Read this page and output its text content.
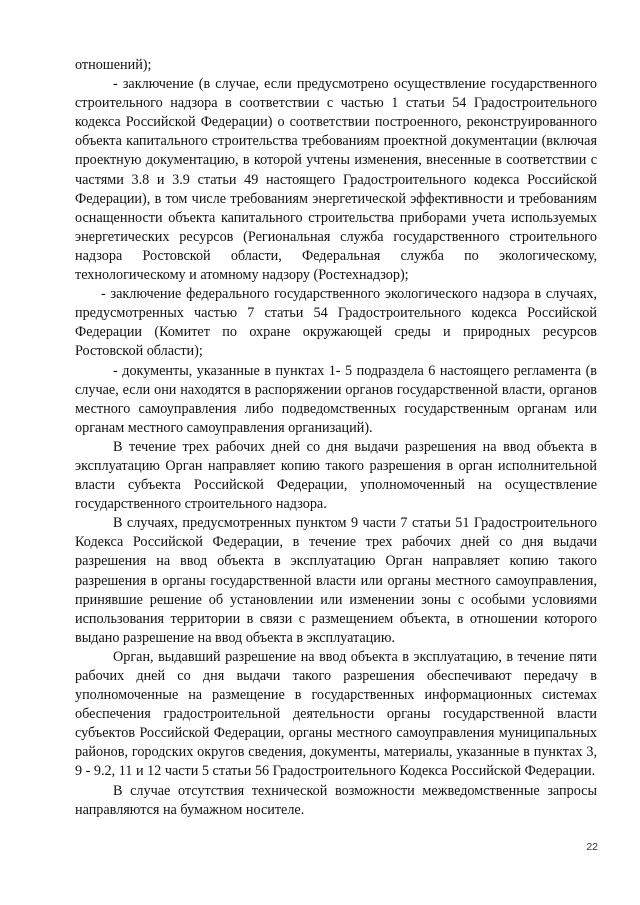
отношений);

- заключение (в случае, если предусмотрено осуществление государственного строительного надзора в соответствии с частью 1 статьи 54 Градостроительного кодекса Российской Федерации) о соответствии построенного, реконструированного объекта капитального строительства требованиям проектной документации (включая проектную документацию, в которой учтены изменения, внесенные в соответствии с частями 3.8 и 3.9 статьи 49 настоящего Градостроительного кодекса Российской Федерации), в том числе требованиям энергетической эффективности и требованиям оснащенности объекта капитального строительства приборами учета используемых энергетических ресурсов (Региональная служба государственного строительного надзора Ростовской области, Федеральная служба по экологическому, технологическому и атомному надзору (Ростехнадзор);

- заключение федерального государственного экологического надзора в случаях, предусмотренных частью 7 статьи 54 Градостроительного кодекса Российской Федерации (Комитет по охране окружающей среды и природных ресурсов Ростовской области);

- документы, указанные в пунктах 1- 5 подраздела 6 настоящего регламента (в случае, если они находятся в распоряжении органов государственной власти, органов местного самоуправления либо подведомственных государственным органам или органам местного самоуправления организаций).

В течение трех рабочих дней со дня выдачи разрешения на ввод объекта в эксплуатацию Орган направляет копию такого разрешения в орган исполнительной власти субъекта Российской Федерации, уполномоченный на осуществление государственного строительного надзора.

В случаях, предусмотренных пунктом 9 части 7 статьи 51 Градостроительного Кодекса Российской Федерации, в течение трех рабочих дней со дня выдачи разрешения на ввод объекта в эксплуатацию Орган направляет копию такого разрешения в органы государственной власти или органы местного самоуправления, принявшие решение об установлении или изменении зоны с особыми условиями использования территории в связи с размещением объекта, в отношении которого выдано разрешение на ввод объекта в эксплуатацию.

Орган, выдавший разрешение на ввод объекта в эксплуатацию, в течение пяти рабочих дней со дня выдачи такого разрешения обеспечивают передачу в уполномоченные на размещение в государственных информационных системах обеспечения градостроительной деятельности органы государственной власти субъектов Российской Федерации, органы местного самоуправления муниципальных районов, городских округов сведения, документы, материалы, указанные в пунктах 3, 9 - 9.2, 11 и 12 части 5 статьи 56 Градостроительного Кодекса Российской Федерации.

В случае отсутствия технической возможности межведомственные запросы направляются на бумажном носителе.

22
